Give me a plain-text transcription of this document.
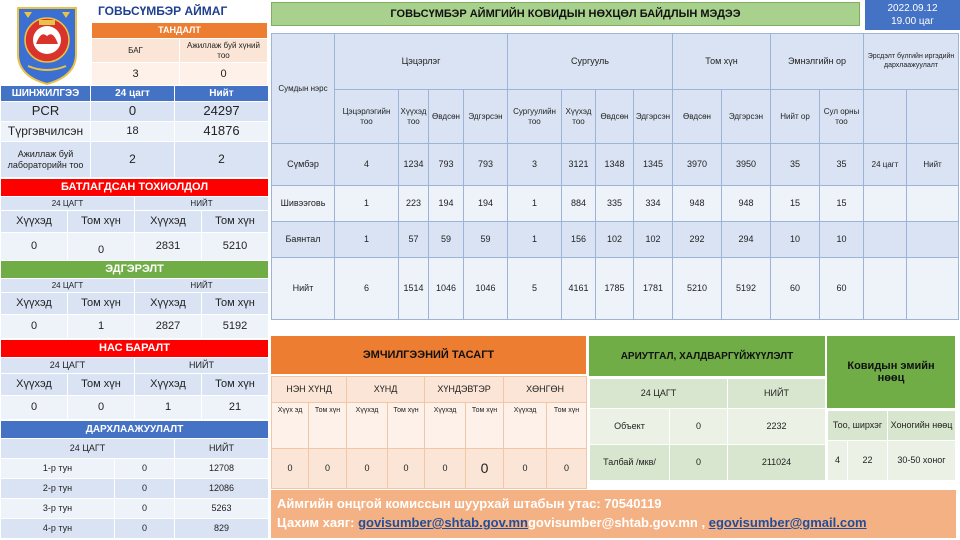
ГОВЬСҮМБЭР АЙМАГ
ТАНДАЛТ	
БАГ	Ажиллаж буй хүний тоо
3	0
ШИНЖИЛГЭЭ	24 цагт	Нийт
PCR	0	24297
Түргэвчилсэн	18	41876
Ажиллаж буй лабораторийн тоо	2	2
БАТЛАГДСАН ТОХИОЛДОЛ			
24 ЦАГТ		НИЙТ	
Хүүхэд	Том хүн	Хүүхэд	Том хүн
0	0	2831	5210
ЭДГЭРЭЛТ			
24 ЦАГТ		НИЙТ	
Хүүхэд	Том хүн	Хүүхэд	Том хүн
0	1	2827	5192
НАС БАРАЛТ			
24 ЦАГТ		НИЙТ	
Хүүхэд	Том хүн	Хүүхэд	Том хүн
0	0	1	21
ДАРХЛААЖУУЛАЛТ		
24 ЦАГТ		НИЙТ
1-р тун	0	12708
2-р тун	0	12086
3-р тун	0	5263
4-р тун	0	829
ГОВЬСҮМБЭР АЙМГИЙН КОВИДЫН НӨХЦӨЛ БАЙДЛЫН МЭДЭЭ	2022.09.12
19.00 цаг
Сумдын нэрс	Цэцэрлэг				Сургууль				Том хүн		Эмнэлгийн ор		Эрсдэлт бүлгийн иргэдийн дархлаажуулалт	
	Цэцэрлэгийн тоо	Хүүхэд тоо	Өвдсөн	Эдгэрсэн	Сургуулийн тоо	Хүүхэд тоо	Өвдсөн	Эдгэрсэн	Өвдсөн	Эдгэрсэн	Нийт ор	Сул орны тоо		
Сүмбэр	4	1234	793	793	3	3121	1348	1345	3970	3950	35	35	24 цагт	Нийт
Шивээговь	1	223	194	194	1	884	335	334	948	948	15	15		
Баянтал	1	57	59	59	1	156	102	102	292	294	10	10		
Нийт	6	1514	1046	1046	5	4161	1785	1781	5210	5192	60	60		
ЭМЧИЛГЭЭНИЙ ТАСАГТ
НЭН ХҮНД		ХҮНД		ХҮНДЭВТЭР		ХӨНГӨН	
Хүүх эд	Том хүн	Хүүхэд	Том хүн	Хүүхэд	Том хүн	Хүүхэд	Том хүн
0	0	0	0	0	0	0	0
АРИУТГАЛ, ХАЛДВАРГҮЙЖҮҮЛЭЛТ
24 ЦАГТ		НИЙТ
Объект	0	2232
Талбай /мкв/	0	211024
Ковидын эмийн нөөц
Тоо, ширхэг		Хоногийн нөөц
4	22	30-50 хоног
Аймгийн онцгой комиссын шуурхай штабын утас: 70540119
Цахим хаяг: govisumber@shtab.gov.mngovisumber@shtab.gov.mn , egovisumber@gmail.com
